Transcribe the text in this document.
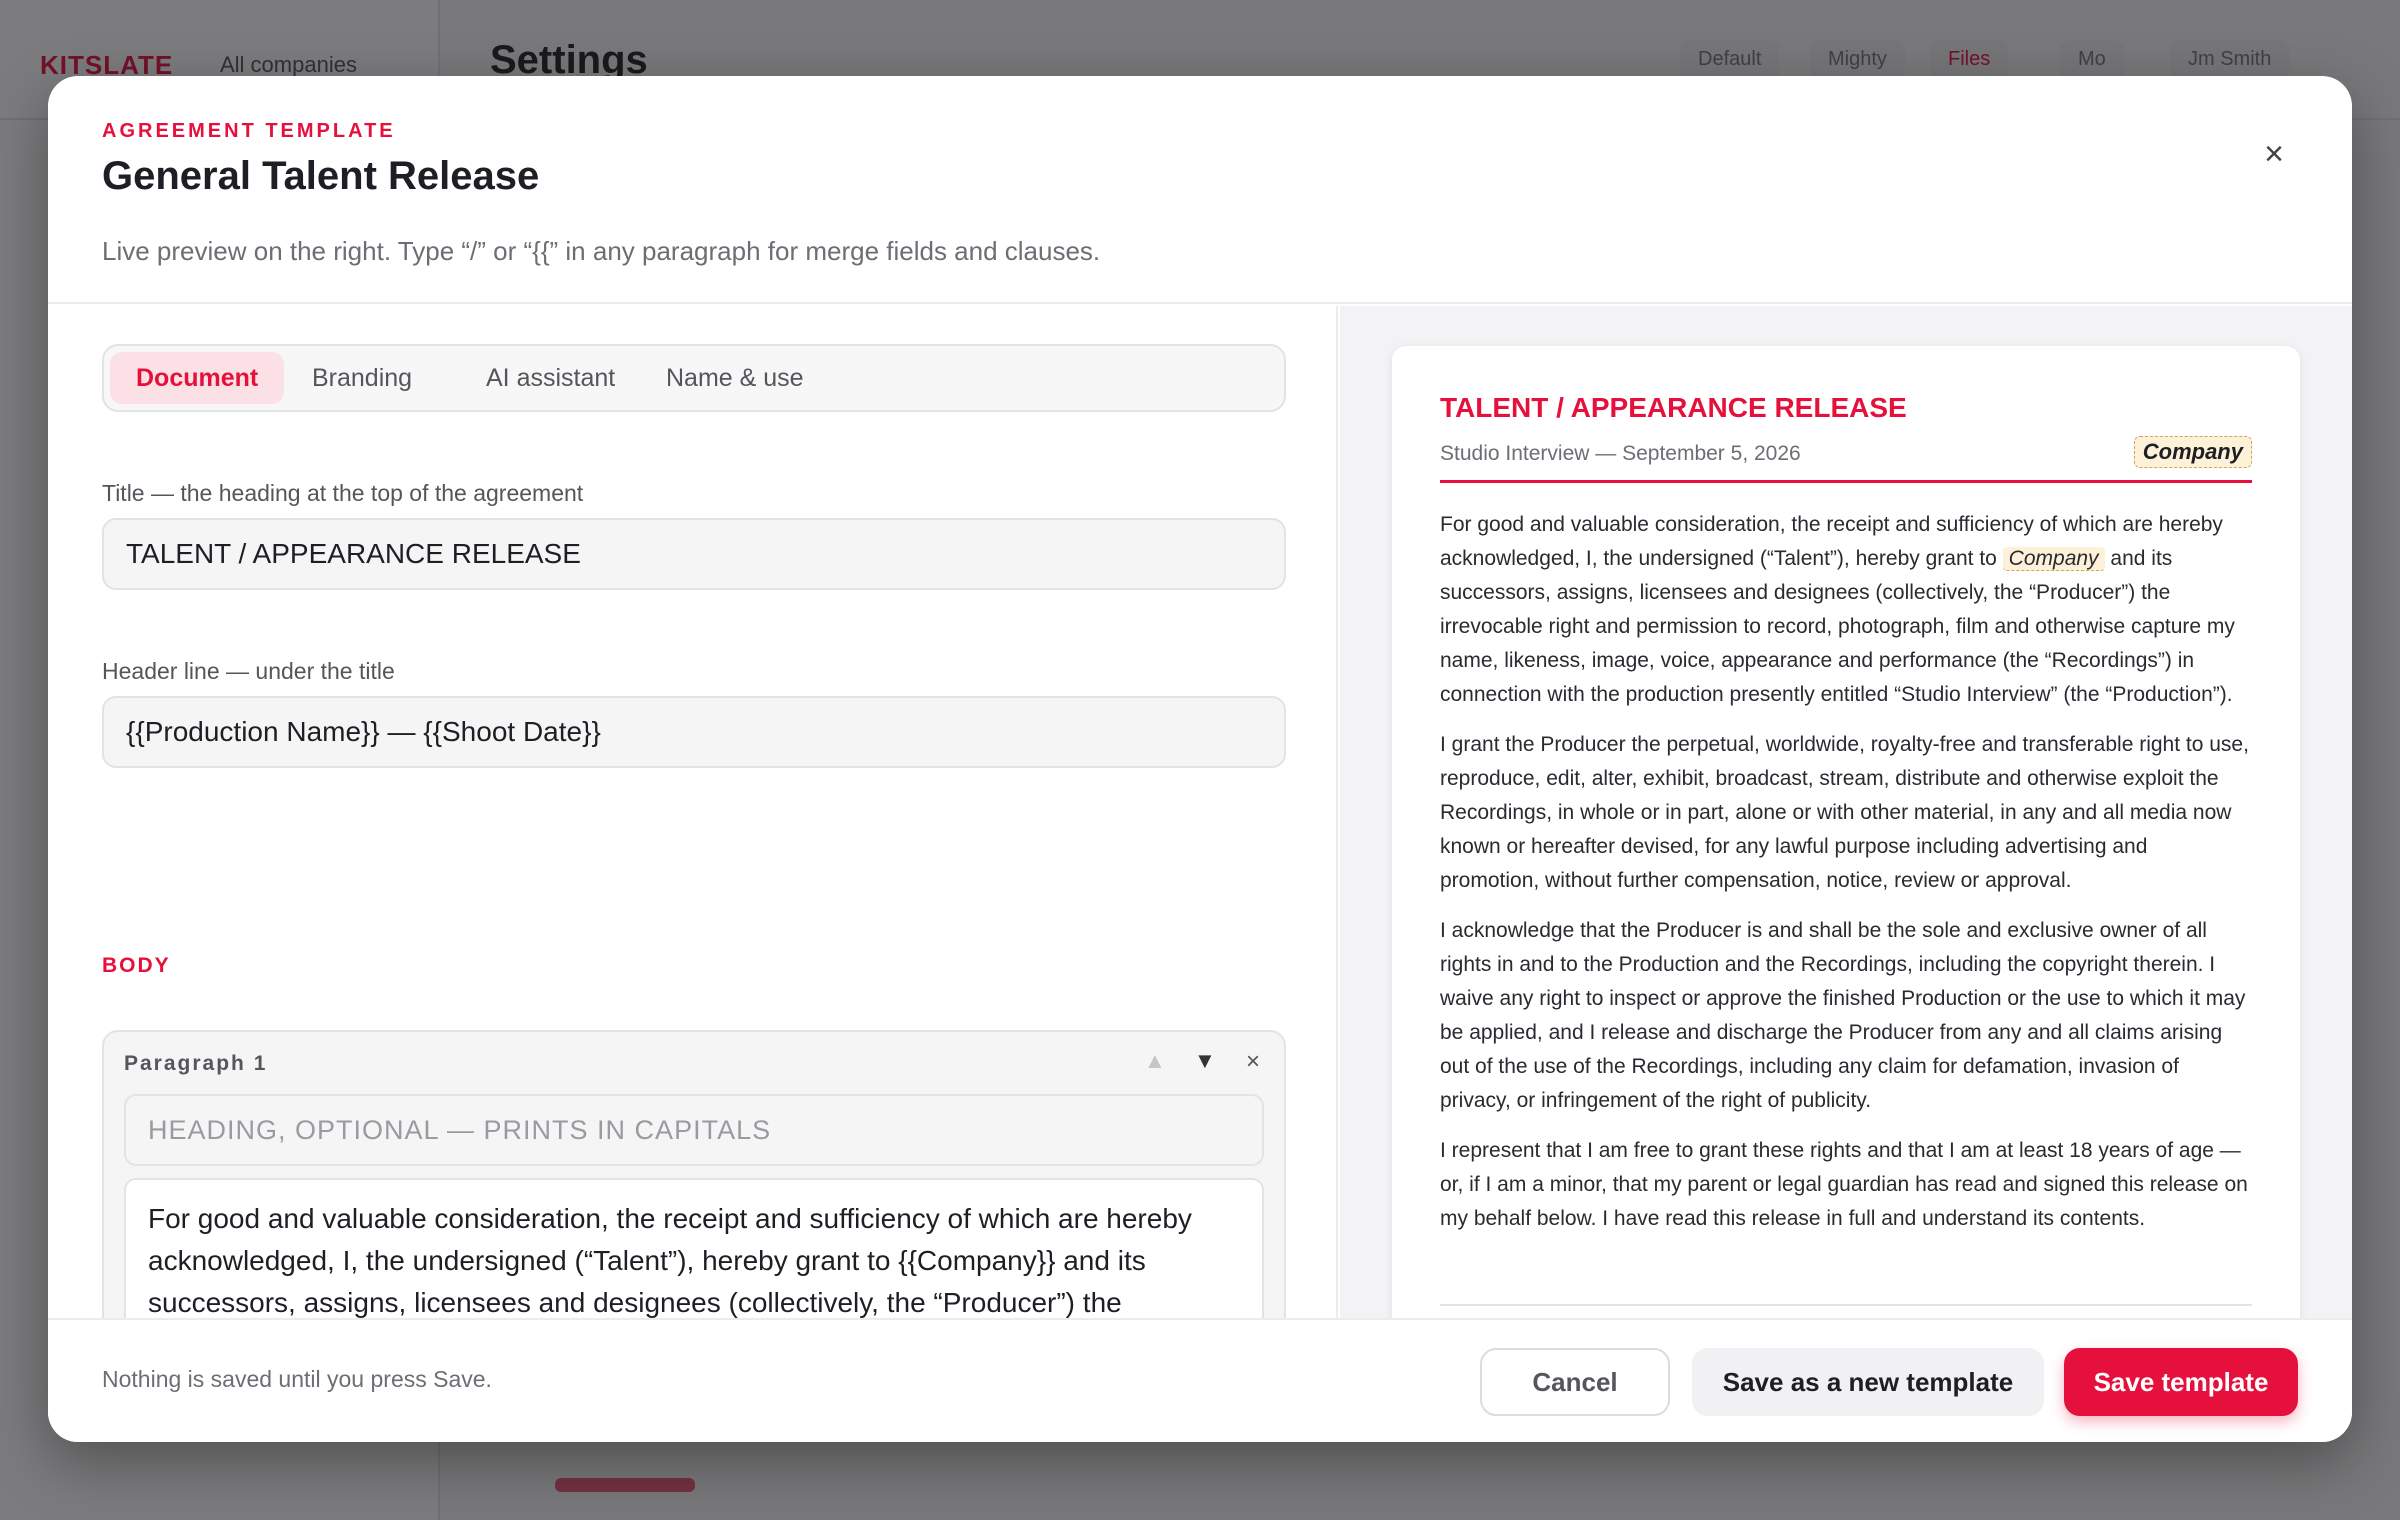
AGREEMENT TEMPLATE
General Talent Release
Live preview on the right. Type “/” or “{{” in any paragraph for merge fields and clauses.
×
Document	Branding	AI assistant	Name & use
Title — the heading at the top of the agreement
TALENT / APPEARANCE RELEASE
Header line — under the title
{{Production Name}} — {{Shoot Date}}
BODY
Paragraph 1	▲ ▼ ×
HEADING, OPTIONAL — PRINTS IN CAPITALS
For good and valuable consideration, the receipt and sufficiency of which are hereby acknowledged, I, the undersigned (“Talent”), hereby grant to {{Company}} and its successors, assigns, licensees and designees (collectively, the “Producer”) the
TALENT / APPEARANCE RELEASE
Studio Interview — September 5, 2026	Company

For good and valuable consideration, the receipt and sufficiency of which are hereby acknowledged, I, the undersigned (“Talent”), hereby grant to Company and its successors, assigns, licensees and designees (collectively, the “Producer”) the irrevocable right and permission to record, photograph, film and otherwise capture my name, likeness, image, voice, appearance and performance (the “Recordings”) in connection with the production presently entitled “Studio Interview” (the “Production”).

I grant the Producer the perpetual, worldwide, royalty-free and transferable right to use, reproduce, edit, alter, exhibit, broadcast, stream, distribute and otherwise exploit the Recordings, in whole or in part, alone or with other material, in any and all media now known or hereafter devised, for any lawful purpose including advertising and promotion, without further compensation, notice, review or approval.

I acknowledge that the Producer is and shall be the sole and exclusive owner of all rights in and to the Production and the Recordings, including the copyright therein. I waive any right to inspect or approve the finished Production or the use to which it may be applied, and I release and discharge the Producer from any and all claims arising out of the use of the Recordings, including any claim for defamation, invasion of privacy, or infringement of the right of publicity.

I represent that I am free to grant these rights and that I am at least 18 years of age — or, if I am a minor, that my parent or legal guardian has read and signed this release on my behalf below. I have read this release in full and understand its contents.

Nothing is saved until you press Save.	Cancel	Save as a new template	Save template
